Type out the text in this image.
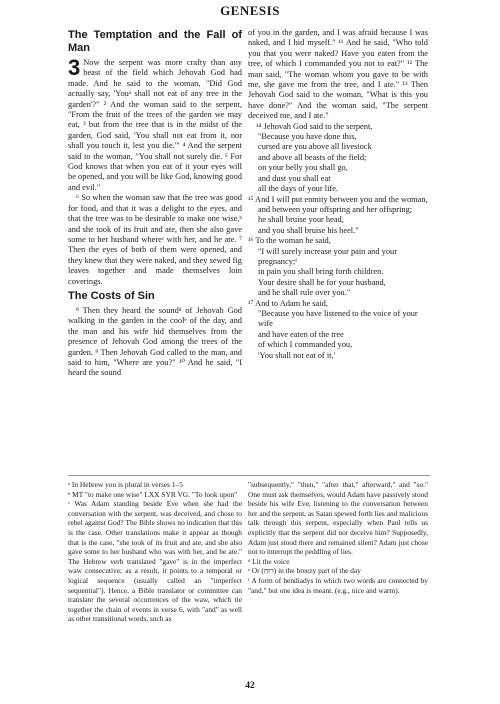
GENESIS
The Temptation and the Fall of Man

3 Now the serpent was more crafty than any beast of the field which Jehovah God had made. And he said to the woman, "Did God actually say, 'Youᵃ shall not eat of any tree in the garden'?" ² And the woman said to the serpent, "From the fruit of the trees of the garden we may eat, ³ but from the tree that is in the midst of the garden, God said, 'You shall not eat from it, nor shall you touch it, lest you die.'" ⁴ And the serpent said to the woman, "You shall not surely die. ⁵ For God knows that when you eat of it your eyes will be opened, and you will be like God, knowing good and evil."

⁶ So when the woman saw that the tree was good for food, and that it was a delight to the eyes, and that the tree was to be desirable to make one wise,ᵇ and she took of its fruit and ate, then she also gave some to her husband whereᶜ with her, and he ate. ⁷ Then the eyes of both of them were opened, and they knew that they were naked, and they sewed fig leaves together and made themselves loin coverings.

The Costs of Sin

⁸ Then they heard the soundᵈ of Jehovah God walking in the garden in the coolᵉ of the day, and the man and his wife hid themselves from the presence of Jehovah God among the trees of the garden. ⁹ Then Jehovah God called to the man, and said to him, "Where are you?" ¹⁰ And he said, "I heard the sound

of you in the garden, and I was afraid because I was naked, and I hid myself." ¹¹ And he said, "Who told you that you were naked? Have you eaten from the tree, of which I commanded you not to eat?" ¹² The man said, "The woman whom you gave to be with me, she gave me from the tree, and I ate." ¹³ Then Jehovah God said to the woman, "What is this you have done?" And the woman said, "The serpent deceived me, and I ate."

¹⁴ Jehovah God said to the serpent,

"Because you have done this,
cursed are you above all livestock
and above all beasts of the field;
on your belly you shall go,
and dust you shall eat
all the days of your life.

¹⁵ And I will put enmity between you and the woman,

and between your offspring and her offspring;
he shall bruise your head,
and you shall bruise his heel."

¹⁶ To the woman he said,

"I will surely increase your pain and your pregnancy;ᶠ
in pain you shall bring forth children.
Your desire shall be for your husband,
and he shall rule over you."

¹⁷ And to Adam he said,

"Because you have listened to the voice of your wife
and have eaten of the tree
of which I commanded you,
'You shall not eat of it,'

ᵃ In Hebrew you is plural in verses 1–5

ᵇ MT "to make one wise" LXX SYR VG. "To look upon"

ᶜ Was Adam standing beside Eve when she had the conversation with the serpent, was deceived, and chose to rebel against God? The Bible shows no indication that this is the case. Other translations make it appear as though that is the case, "she took of its fruit and ate, and she also gave some to her husband who was with her, and he ate." The Hebrew verb translated "gave" is in the imperfect waw consecutive; as a result, it points to a temporal or logical sequence (usually called an "imperfect sequential"). Hence, a Bible translator or committee can translate the several occurrences of the waw, which tie together the chain of events in verse 6, with "and" as well as other transitional words, such as

"subsequently," "then," "after that," afterward," and "so." One must ask themselves, would Adam have passively stood beside his wife Eve, listening to the conversation between her and the serpent, as Satan spewed forth lies and malicious talk through this serpent, especially when Paul tells us explicitly that the serpent did not deceive him? Supposedly, Adam just stood there and remained silent? Adam just chose not to interrupt the peddling of lies.

ᵈ Lit the voice

ᵉ Or (רוּחַ) in the breezy part of the day

ᶠ A form of hendiadys in which two words are connected by "and," but one idea is meant. (e.g., nice and warm).

42
